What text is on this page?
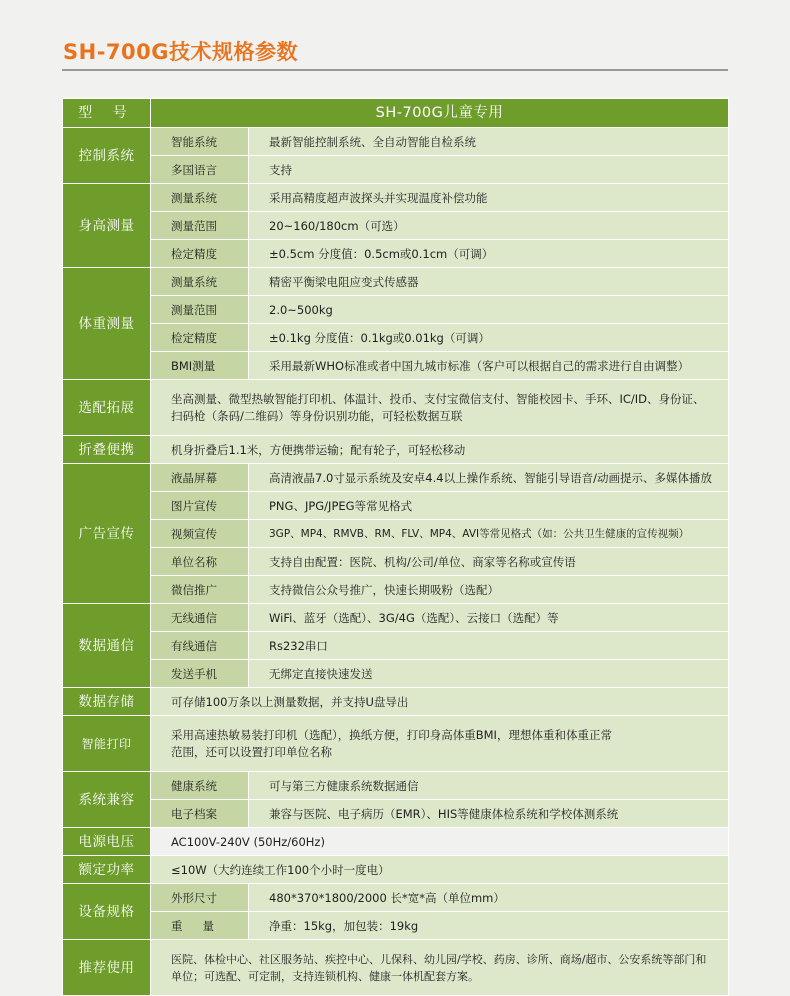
SH-700G技术规格参数
型 号	SH-700G儿童专用	
控制系统	智能系统	最新智能控制系统、全自动智能自检系统
	多国语言	支持
身高测量	测量系统	采用高精度超声波探头并实现温度补偿功能
	测量范围	20~160/180cm（可选）
	检定精度	±0.5cm 分度值：0.5cm或0.1cm（可调）
体重测量	测量系统	精密平衡梁电阻应变式传感器
	测量范围	2.0~500kg
	检定精度	±0.1kg 分度值：0.1kg或0.01kg（可调）
	BMI测量	采用最新WHO标准或者中国九城市标准（客户可以根据自己的需求进行自由调整）
选配拓展	坐高测量、微型热敏智能打印机、体温计、投币、支付宝微信支付、智能校园卡、手环、IC/ID、身份证、
扫码枪（条码/二维码）等身份识别功能，可轻松数据互联	

折叠便携	机身折叠后1.1米，方便携带运输；配有轮子，可轻松移动	
广告宣传	液晶屏幕	高清液晶7.0寸显示系统及安卓4.4以上操作系统、智能引导语音/动画提示、多媒体播放
	图片宣传	PNG、JPG/JPEG等常见格式
	视频宣传	3GP、MP4、RMVB、RM、FLV、MP4、AVI等常见格式（如：公共卫生健康的宣传视频）
	单位名称	支持自由配置：医院、机构/公司/单位、商家等名称或宣传语
	微信推广	支持微信公众号推广，快速长期吸粉（选配）
数据通信	无线通信	WiFi、蓝牙（选配）、3G/4G（选配）、云接口（选配）等
	有线通信	Rs232串口
	发送手机	无绑定直接快速发送
数据存储	可存储100万条以上测量数据，并支持U盘导出	
智能打印	采用高速热敏易装打印机（选配），换纸方便，打印身高体重BMI，理想体重和体重正常
范围，还可以设置打印单位名称	

系统兼容	健康系统	可与第三方健康系统数据通信
	电子档案	兼容与医院、电子病历（EMR）、HIS等健康体检系统和学校体测系统
电源电压	AC100V-240V (50Hz/60Hz)	
额定功率	≤10W（大约连续工作100个小时一度电）	
设备规格	外形尺寸	480*370*1800/2000 长*宽*高（单位mm）
	重量	净重：15kg，加包装：19kg
推荐使用	医院、体检中心、社区服务站、疾控中心、儿保科、幼儿园/学校、药房、诊所、商场/超市、公安系统等部门和
单位；可选配、可定制，支持连锁机构、健康一体机配套方案。	
